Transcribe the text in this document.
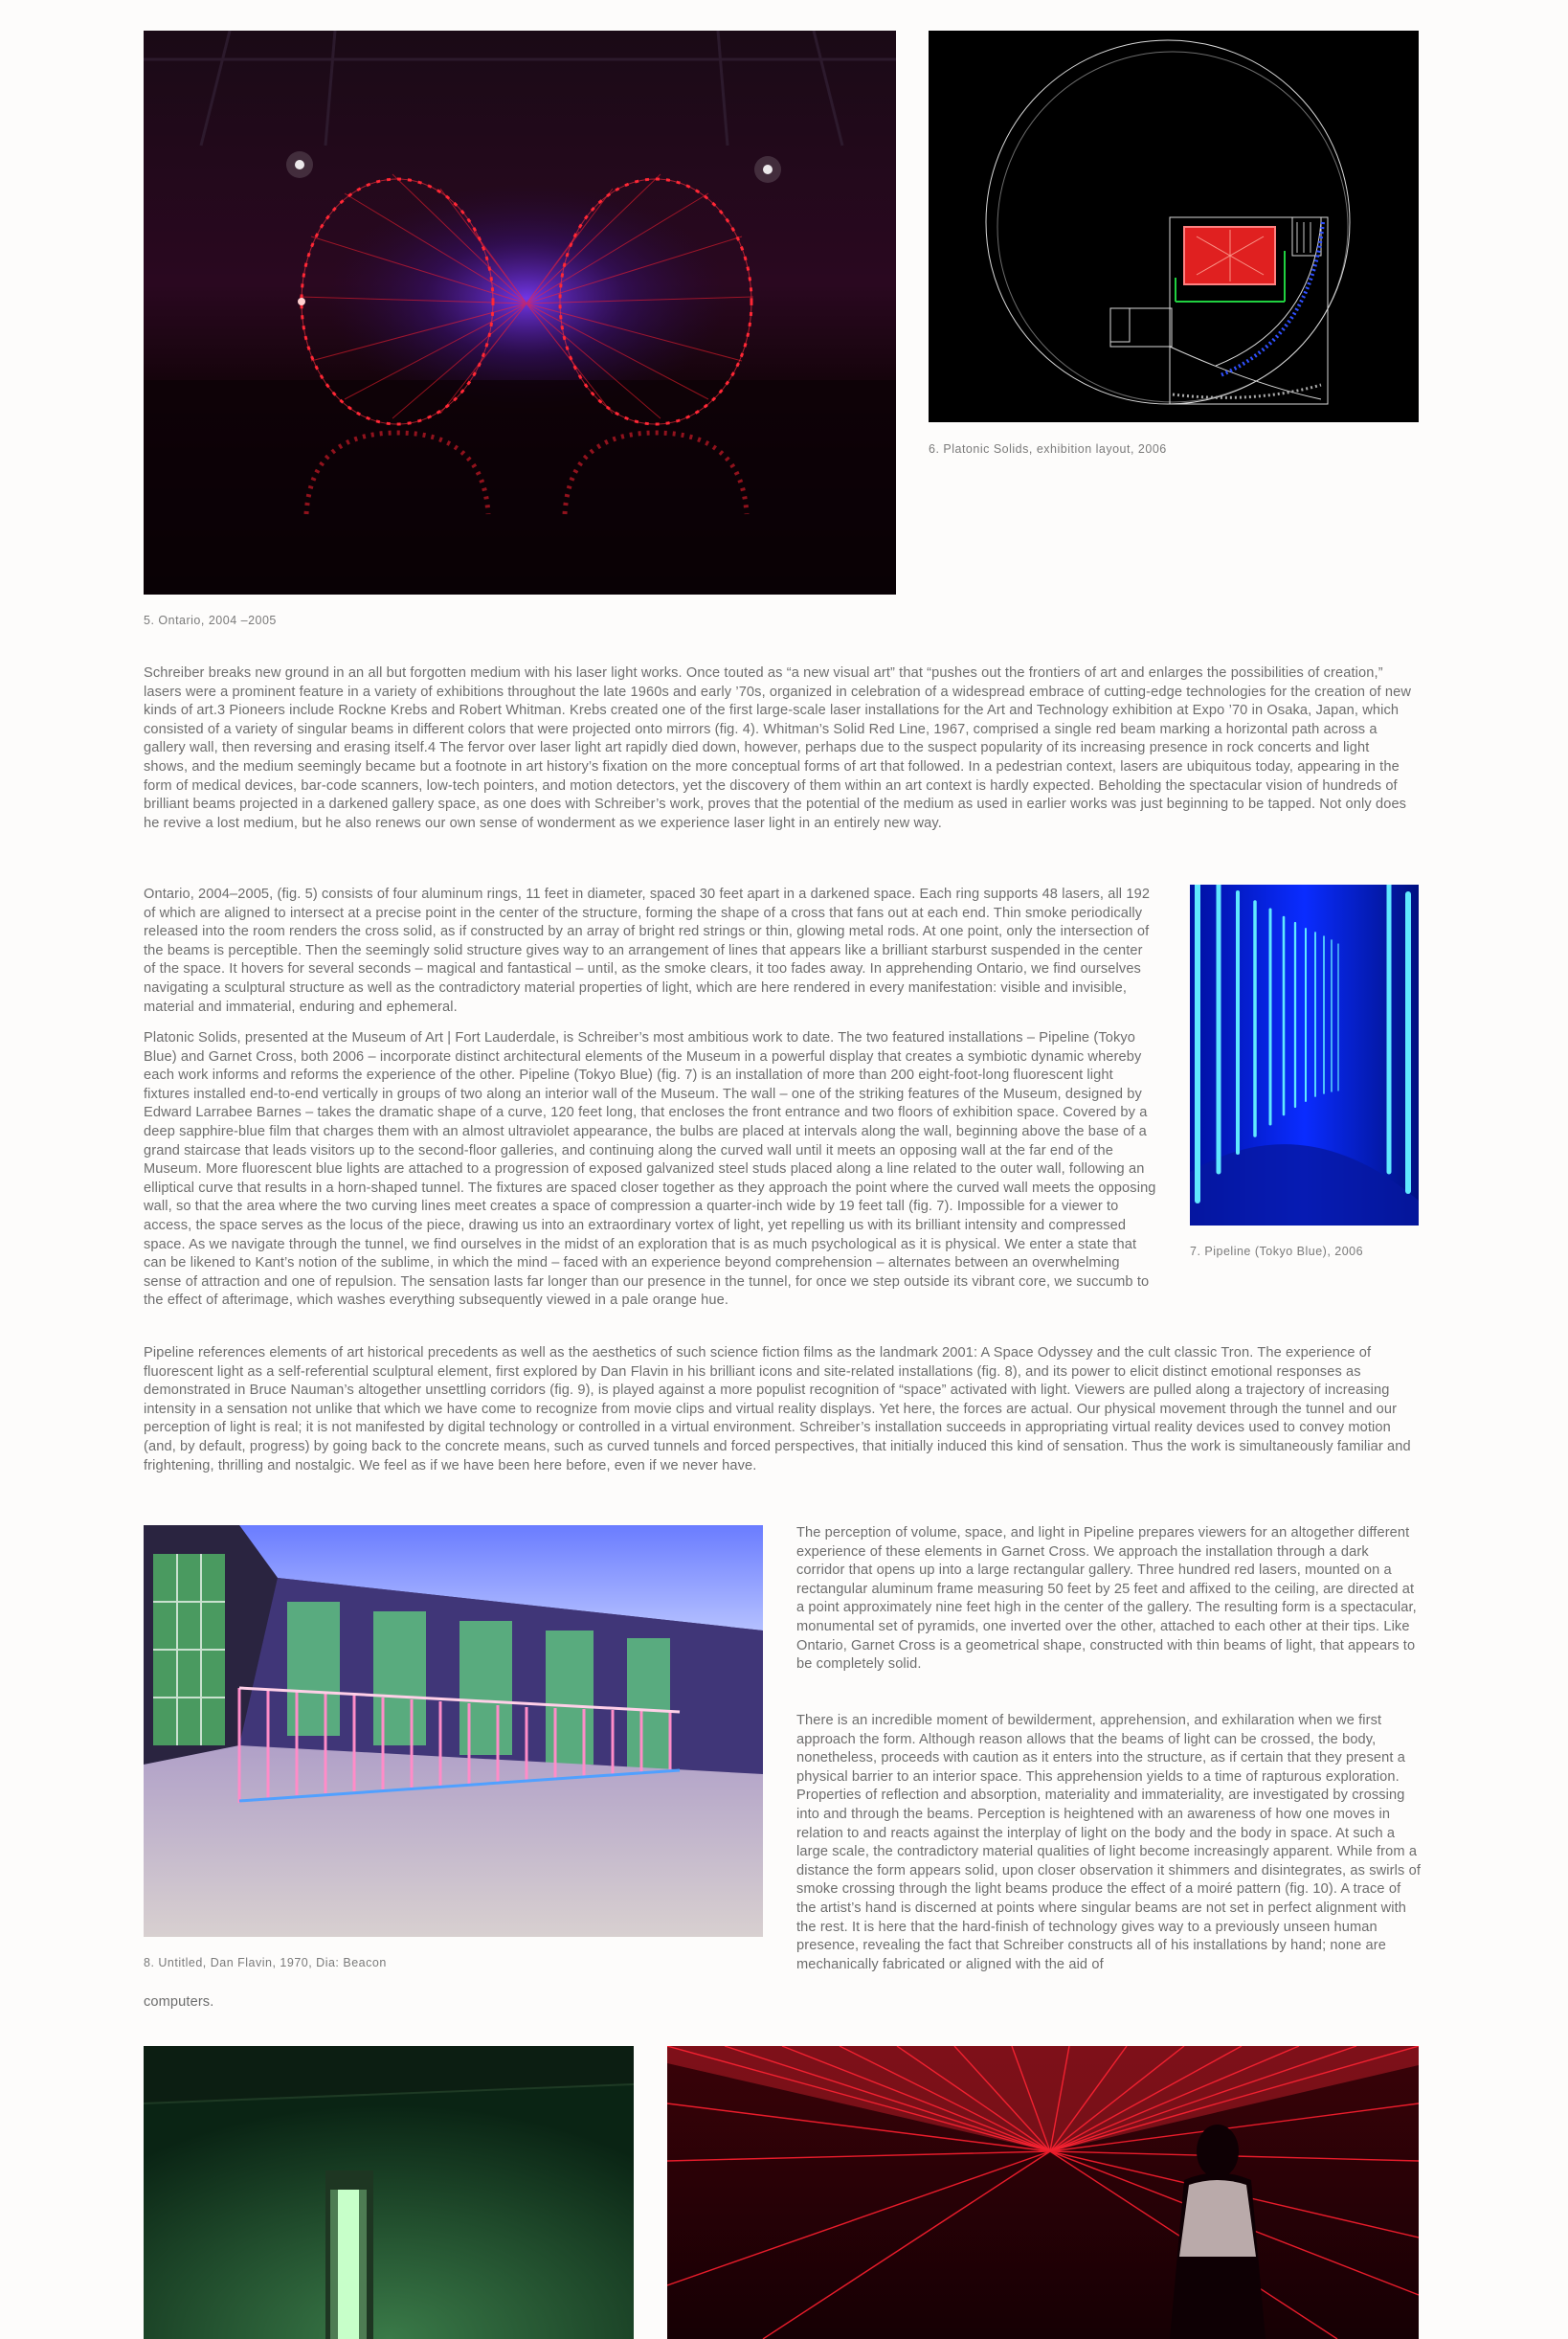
5. Ontario, 2004 –2005
6. Platonic Solids, exhibition layout, 2006

Schreiber breaks new ground in an all but forgotten medium with his laser light works. Once touted as “a new visual art” that “pushes out the frontiers of art and enlarges the possibilities of creation,” lasers were a prominent feature in a variety of exhibitions throughout the late 1960s and early ’70s, organized in celebration of a widespread embrace of cutting-edge technologies for the creation of new kinds of art.3 Pioneers include Rockne Krebs and Robert Whitman. Krebs created one of the first large-scale laser installations for the Art and Technology exhibition at Expo ’70 in Osaka, Japan, which consisted of a variety of singular beams in different colors that were projected onto mirrors (fig. 4). Whitman’s Solid Red Line, 1967, comprised a single red beam marking a horizontal path across a gallery wall, then reversing and erasing itself.4 The fervor over laser light art rapidly died down, however, perhaps due to the suspect popularity of its increasing presence in rock concerts and light shows, and the medium seemingly became but a footnote in art history’s fixation on the more conceptual forms of art that followed. In a pedestrian context, lasers are ubiquitous today, appearing in the form of medical devices, bar-code scanners, low-tech pointers, and motion detectors, yet the discovery of them within an art context is hardly expected. Beholding the spectacular vision of hundreds of brilliant beams projected in a darkened gallery space, as one does with Schreiber’s work, proves that the potential of the medium as used in earlier works was just beginning to be tapped. Not only does he revive a lost medium, but he also renews our own sense of wonderment as we experience laser light in an entirely new way.

Ontario, 2004–2005, (fig. 5) consists of four aluminum rings, 11 feet in diameter, spaced 30 feet apart in a darkened space. Each ring supports 48 lasers, all 192 of which are aligned to intersect at a precise point in the center of the structure, forming the shape of a cross that fans out at each end. Thin smoke periodically released into the room renders the cross solid, as if constructed by an array of bright red strings or thin, glowing metal rods. At one point, only the intersection of the beams is perceptible. Then the seemingly solid structure gives way to an arrangement of lines that appears like a brilliant starburst suspended in the center of the space. It hovers for several seconds – magical and fantastical – until, as the smoke clears, it too fades away. In apprehending Ontario, we find ourselves navigating a sculptural structure as well as the contradictory material properties of light, which are here rendered in every manifestation: visible and invisible, material and immaterial, enduring and ephemeral.

Platonic Solids, presented at the Museum of Art | Fort Lauderdale, is Schreiber’s most ambitious work to date. The two featured installations – Pipeline (Tokyo Blue) and Garnet Cross, both 2006 – incorporate distinct architectural elements of the Museum in a powerful display that creates a symbiotic dynamic whereby each work informs and reforms the experience of the other. Pipeline (Tokyo Blue) (fig. 7) is an installation of more than 200 eight-foot-long fluorescent light fixtures installed end-to-end vertically in groups of two along an interior wall of the Museum. The wall – one of the striking features of the Museum, designed by Edward Larrabee Barnes – takes the dramatic shape of a curve, 120 feet long, that encloses the front entrance and two floors of exhibition space. Covered by a deep sapphire-blue film that charges them with an almost ultraviolet appearance, the bulbs are placed at intervals along the wall, beginning above the base of a grand staircase that leads visitors up to the second-floor galleries, and continuing along the curved wall until it meets an opposing wall at the far end of the Museum. More fluorescent blue lights are attached to a progression of exposed galvanized steel studs placed along a line related to the outer wall, following an elliptical curve that results in a horn-shaped tunnel. The fixtures are spaced closer together as they approach the point where the curved wall meets the opposing wall, so that the area where the two curving lines meet creates a space of compression a quarter-inch wide by 19 feet tall (fig. 7). Impossible for a viewer to access, the space serves as the locus of the piece, drawing us into an extraordinary vortex of light, yet repelling us with its brilliant intensity and compressed space. As we navigate through the tunnel, we find ourselves in the midst of an exploration that is as much psychological as it is physical. We enter a state that can be likened to Kant’s notion of the sublime, in which the mind – faced with an experience beyond comprehension – alternates between an overwhelming sense of attraction and one of repulsion. The sensation lasts far longer than our presence in the tunnel, for once we step outside its vibrant core, we succumb to the effect of afterimage, which washes everything subsequently viewed in a pale orange hue.

7. Pipeline (Tokyo Blue), 2006

Pipeline references elements of art historical precedents as well as the aesthetics of such science fiction films as the landmark 2001: A Space Odyssey and the cult classic Tron. The experience of fluorescent light as a self-referential sculptural element, first explored by Dan Flavin in his brilliant icons and site-related installations (fig. 8), and its power to elicit distinct emotional responses as demonstrated in Bruce Nauman’s altogether unsettling corridors (fig. 9), is played against a more populist recognition of “space” activated with light. Viewers are pulled along a trajectory of increasing intensity in a sensation not unlike that which we have come to recognize from movie clips and virtual reality displays. Yet here, the forces are actual. Our physical movement through the tunnel and our perception of light is real; it is not manifested by digital technology or controlled in a virtual environment. Schreiber’s installation succeeds in appropriating virtual reality devices used to convey motion (and, by default, progress) by going back to the concrete means, such as curved tunnels and forced perspectives, that initially induced this kind of sensation. Thus the work is simultaneously familiar and frightening, thrilling and nostalgic. We feel as if we have been here before, even if we never have.

8. Untitled, Dan Flavin, 1970, Dia: Beacon

The perception of volume, space, and light in Pipeline prepares viewers for an altogether different experience of these elements in Garnet Cross. We approach the installation through a dark corridor that opens up into a large rectangular gallery. Three hundred red lasers, mounted on a rectangular aluminum frame measuring 50 feet by 25 feet and affixed to the ceiling, are directed at a point approximately nine feet high in the center of the gallery. The resulting form is a spectacular, monumental set of pyramids, one inverted over the other, attached to each other at their tips. Like Ontario, Garnet Cross is a geometrical shape, constructed with thin beams of light, that appears to be completely solid.

There is an incredible moment of bewilderment, apprehension, and exhilaration when we first approach the form. Although reason allows that the beams of light can be crossed, the body, nonetheless, proceeds with caution as it enters into the structure, as if certain that they present a physical barrier to an interior space. This apprehension yields to a time of rapturous exploration. Properties of reflection and absorption, materiality and immateriality, are investigated by crossing into and through the beams. Perception is heightened with an awareness of how one moves in relation to and reacts against the interplay of light on the body and the body in space. At such a large scale, the contradictory material qualities of light become increasingly apparent. While from a distance the form appears solid, upon closer observation it shimmers and disintegrates, as swirls of smoke crossing through the light beams produce the effect of a moiré pattern (fig. 10). A trace of the artist’s hand is discerned at points where singular beams are not set in perfect alignment with the rest. It is here that the hard-finish of technology gives way to a previously unseen human presence, revealing the fact that Schreiber constructs all of his installations by hand; none are mechanically fabricated or aligned with the aid of

computers.
